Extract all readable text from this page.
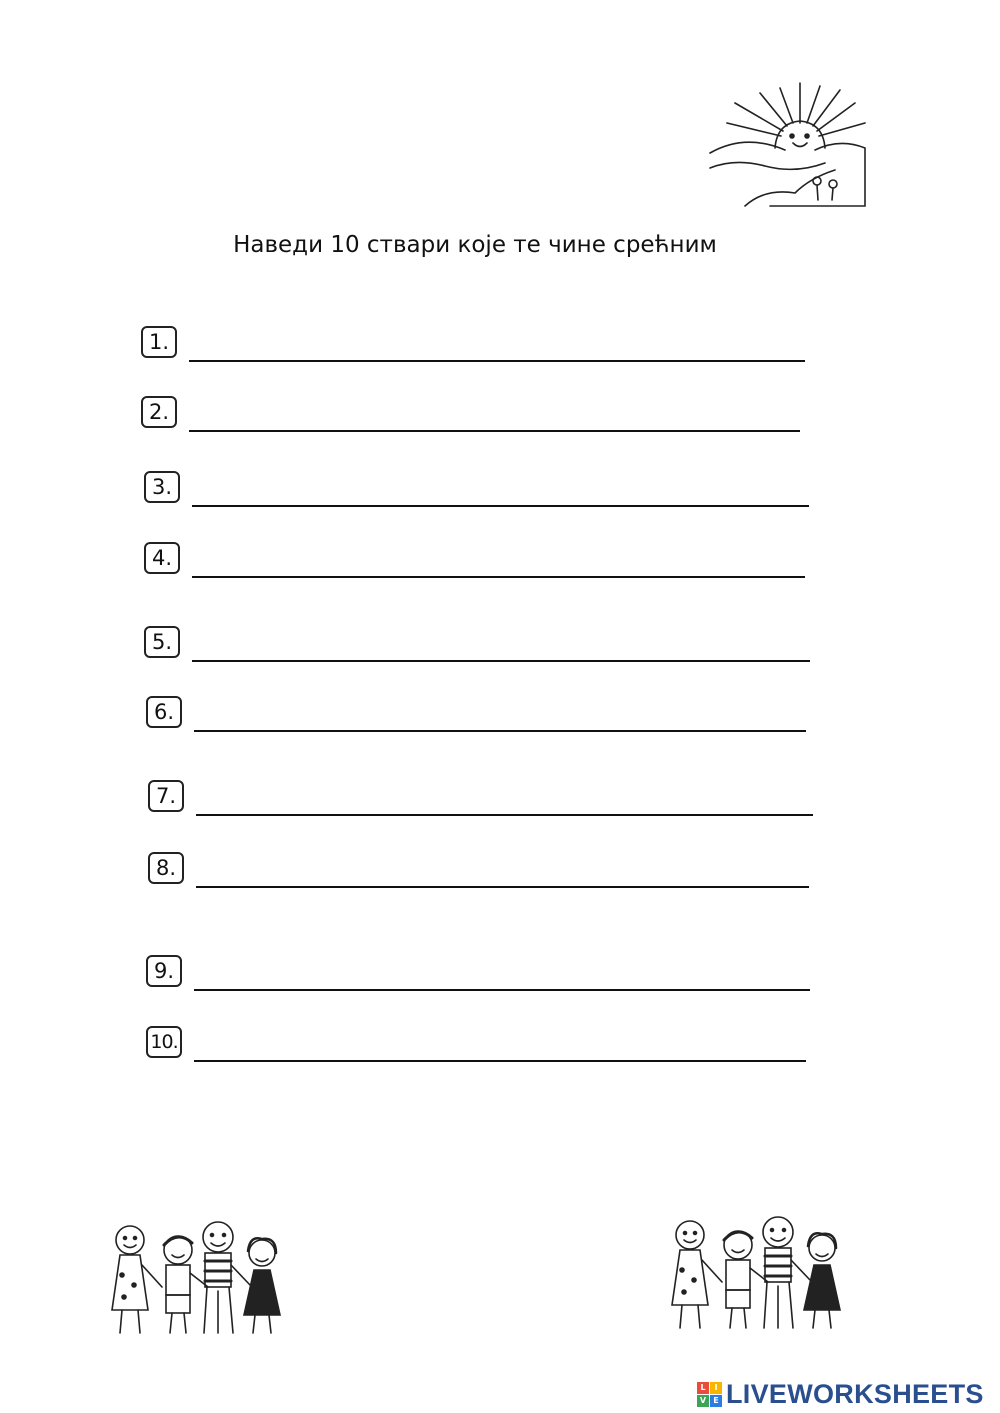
Наведи 10 ствари које те чине срећним
1.
2.
3.
4.
5.
6.
7.
8.
9.
10.
L	I
V E LIVEWORKSHEETS
